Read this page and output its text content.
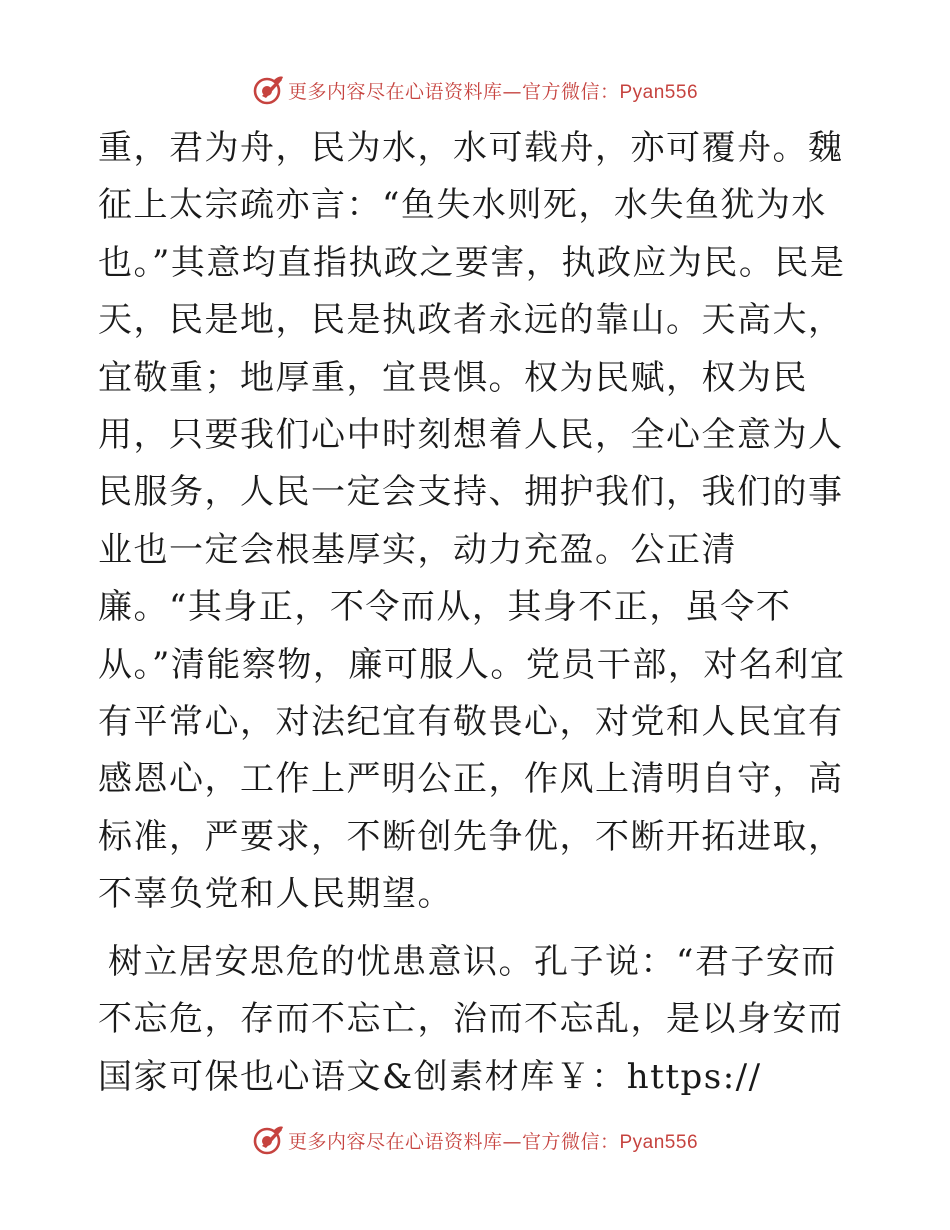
更多内容尽在心语资料库—官方微信：Pyan556

重，君为舟，民为水，水可载舟，亦可覆舟。魏征上太宗疏亦言：“鱼失水则死，水失鱼犹为水也。”其意均直指执政之要害，执政应为民。民是天，民是地，民是执政者永远的靠山。天高大，宜敬重；地厚重，宜畏惧。权为民赋，权为民用，只要我们心中时刻想着人民，全心全意为人民服务，人民一定会支持、拥护我们，我们的事业也一定会根基厚实，动力充盈。公正清廉。“其身正，不令而从，其身不正，虽令不从。”清能察物，廉可服人。党员干部，对名利宜有平常心，对法纪宜有敬畏心，对党和人民宜有感恩心，工作上严明公正，作风上清明自守，高标准，严要求，不断创先争优，不断开拓进取，不辜负党和人民期望。

树立居安思危的忧患意识。孔子说：“君子安而不忘危，存而不忘亡，治而不忘乱，是以身安而国家可保也心语文&创素材库￥：https://

更多内容尽在心语资料库—官方微信：Pyan556
